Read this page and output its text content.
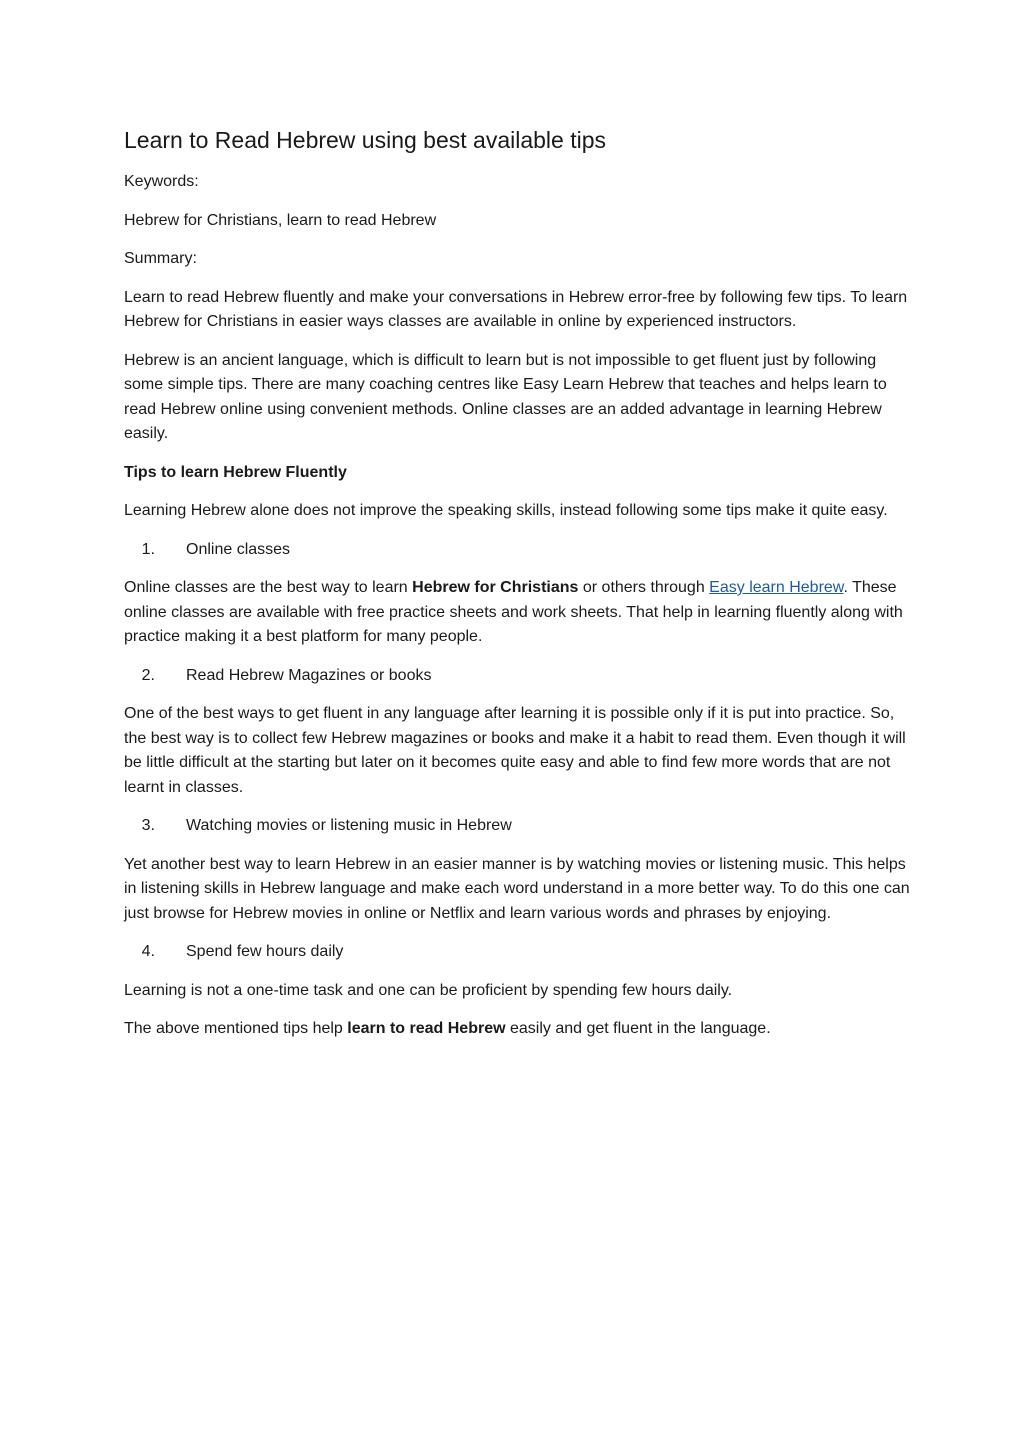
Learn to Read Hebrew using best available tips

Keywords:

Hebrew for Christians, learn to read Hebrew

Summary:

Learn to read Hebrew fluently and make your conversations in Hebrew error-free by following few tips. To learn Hebrew for Christians in easier ways classes are available in online by experienced instructors.

Hebrew is an ancient language, which is difficult to learn but is not impossible to get fluent just by following some simple tips. There are many coaching centres like Easy Learn Hebrew that teaches and helps learn to read Hebrew online using convenient methods. Online classes are an added advantage in learning Hebrew easily.

Tips to learn Hebrew Fluently

Learning Hebrew alone does not improve the speaking skills, instead following some tips make it quite easy.

1.	Online classes

Online classes are the best way to learn Hebrew for Christians or others through Easy learn Hebrew. These online classes are available with free practice sheets and work sheets. That help in learning fluently along with practice making it a best platform for many people.

2.	Read Hebrew Magazines or books

One of the best ways to get fluent in any language after learning it is possible only if it is put into practice. So, the best way is to collect few Hebrew magazines or books and make it a habit to read them. Even though it will be little difficult at the starting but later on it becomes quite easy and able to find few more words that are not learnt in classes.

3.	Watching movies or listening music in Hebrew

Yet another best way to learn Hebrew in an easier manner is by watching movies or listening music. This helps in listening skills in Hebrew language and make each word understand in a more better way. To do this one can just browse for Hebrew movies in online or Netflix and learn various words and phrases by enjoying.

4.	Spend few hours daily

Learning is not a one-time task and one can be proficient by spending few hours daily.

The above mentioned tips help learn to read Hebrew easily and get fluent in the language.
